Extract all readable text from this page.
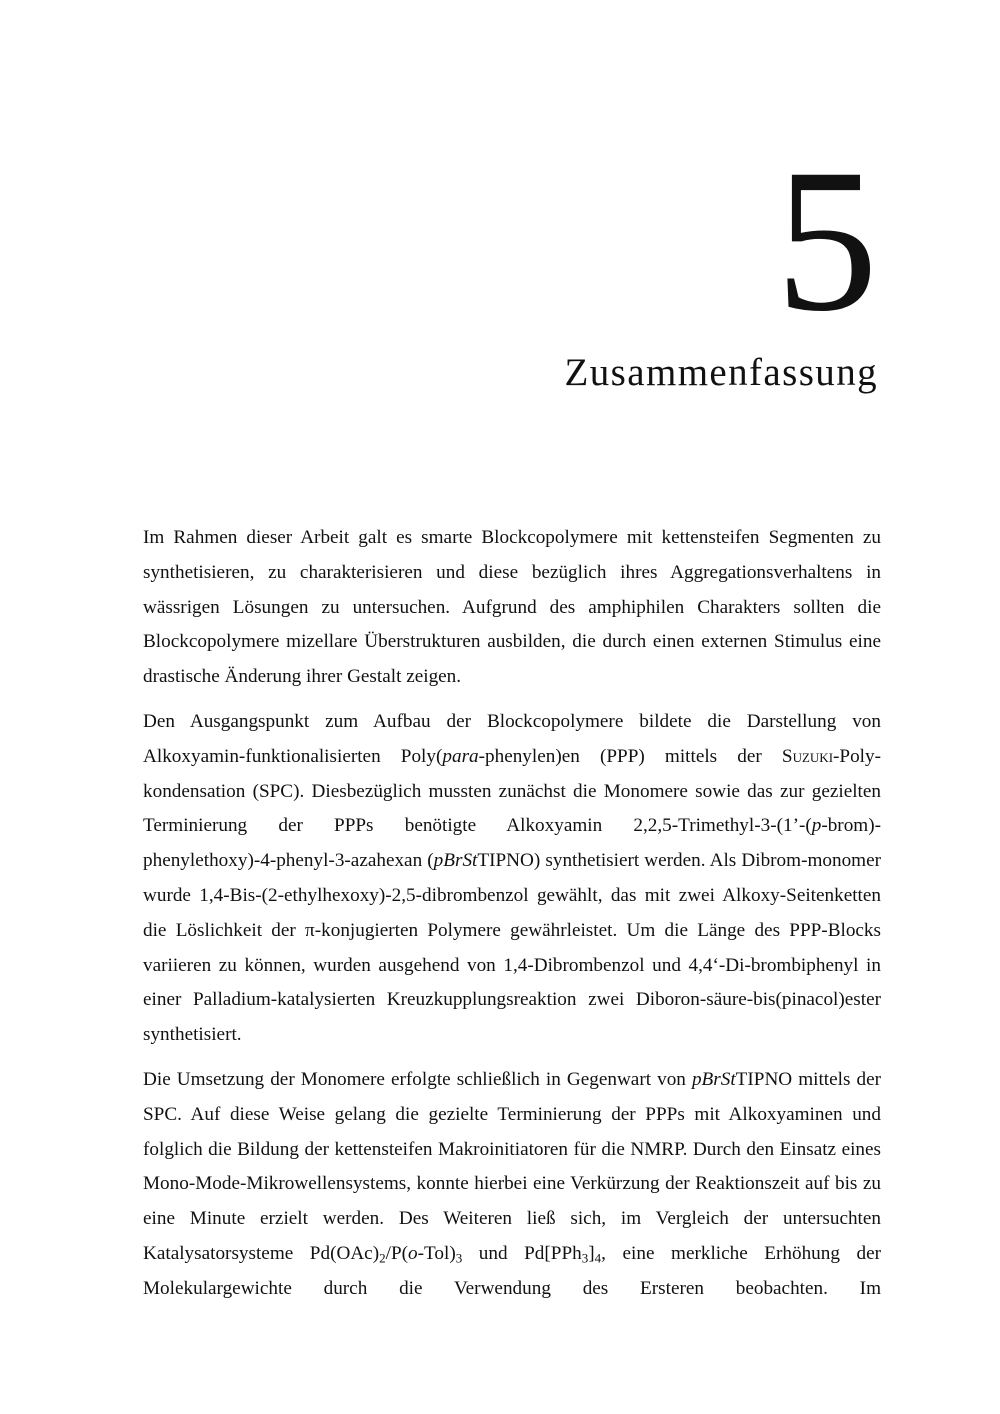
5
Zusammenfassung

Im Rahmen dieser Arbeit galt es smarte Blockcopolymere mit kettensteifen Segmenten zu synthetisieren, zu charakterisieren und diese bezüglich ihres Aggregationsverhaltens in wässrigen Lösungen zu untersuchen. Aufgrund des amphiphilen Charakters sollten die Blockcopolymere mizellare Überstrukturen ausbilden, die durch einen externen Stimulus eine drastische Änderung ihrer Gestalt zeigen.

Den Ausgangspunkt zum Aufbau der Blockcopolymere bildete die Darstellung von Alkoxyamin-funktionalisierten Poly(para-phenylen)en (PPP) mittels der Suzuki-Poly-kondensation (SPC). Diesbezüglich mussten zunächst die Monomere sowie das zur gezielten Terminierung der PPPs benötigte Alkoxyamin 2,2,5-Trimethyl-3-(1’-(p-brom)-phenylethoxy)-4-phenyl-3-azahexan (pBrStTIPNO) synthetisiert werden. Als Dibrom-monomer wurde 1,4-Bis-(2-ethylhexoxy)-2,5-dibrombenzol gewählt, das mit zwei Alkoxy-Seitenketten die Löslichkeit der π-konjugierten Polymere gewährleistet. Um die Länge des PPP-Blocks variieren zu können, wurden ausgehend von 1,4-Dibrombenzol und 4,4‘-Di-brombiphenyl in einer Palladium-katalysierten Kreuzkupplungsreaktion zwei Diboron-säure-bis(pinacol)ester synthetisiert.

Die Umsetzung der Monomere erfolgte schließlich in Gegenwart von pBrStTIPNO mittels der SPC. Auf diese Weise gelang die gezielte Terminierung der PPPs mit Alkoxyaminen und folglich die Bildung der kettensteifen Makroinitiatoren für die NMRP. Durch den Einsatz eines Mono-Mode-Mikrowellensystems, konnte hierbei eine Verkürzung der Reaktionszeit auf bis zu eine Minute erzielt werden. Des Weiteren ließ sich, im Vergleich der untersuchten Katalysatorsysteme $Pd(OAc)_2/P(o-Tol)_3$ und $Pd[PPh_3]_4$, eine merkliche Erhöhung der Molekulargewichte durch die Verwendung des Ersteren beobachten. Im
